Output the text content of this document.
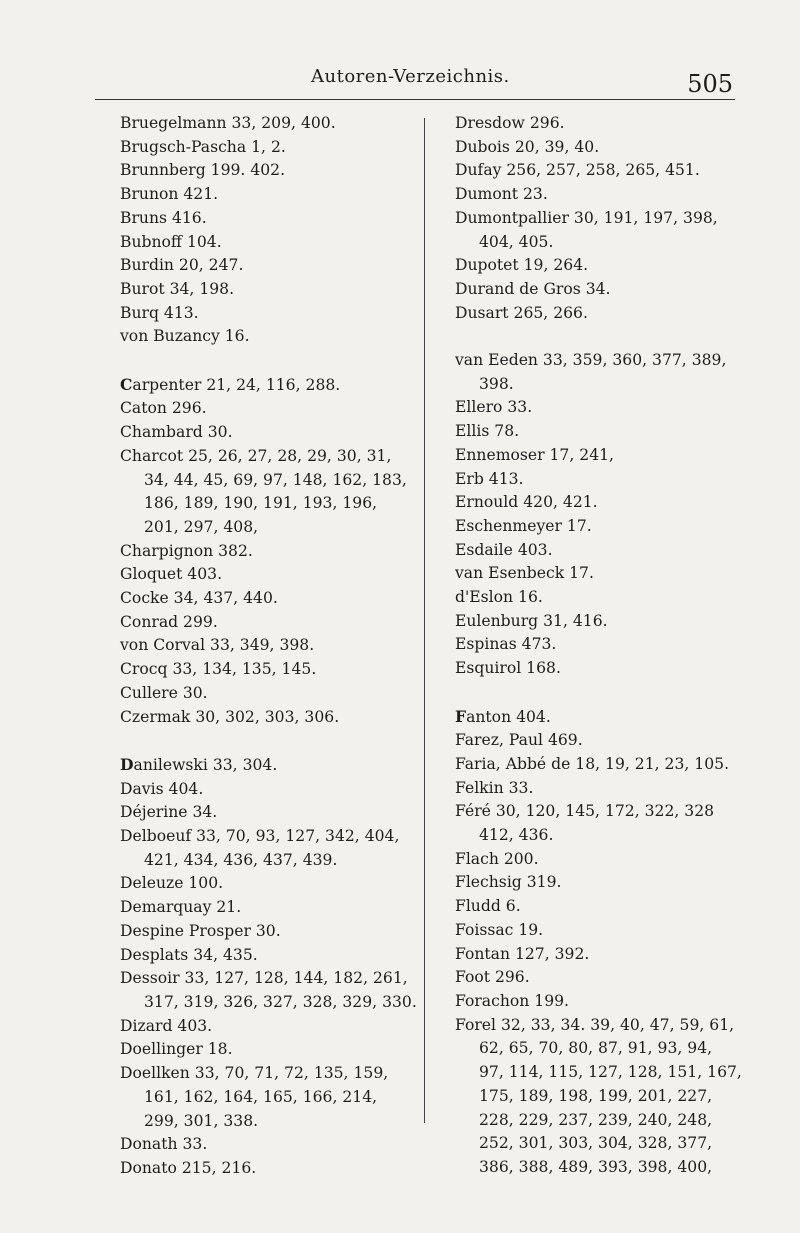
Autoren-Verzeichnis.	505
Bruegelmann 33, 209, 400.
Brugsch-Pascha 1, 2.
Brunnberg 199. 402.
Brunon 421.
Bruns 416.
Bubnoff 104.
Burdin 20, 247.
Burot 34, 198.
Burq 413.
von Buzancy 16.
Carpenter 21, 24, 116, 288.
Caton 296.
Chambard 30.
Charcot 25, 26, 27, 28, 29, 30, 31,
34, 44, 45, 69, 97, 148, 162, 183,
186, 189, 190, 191, 193, 196,
201, 297, 408,
Charpignon 382.
Gloquet 403.
Cocke 34, 437, 440.
Conrad 299.
von Corval 33, 349, 398.
Crocq 33, 134, 135, 145.
Cullere 30.
Czermak 30, 302, 303, 306.
Danilewski 33, 304.
Davis 404.
Déjerine 34.
Delboeuf 33, 70, 93, 127, 342, 404,
421, 434, 436, 437, 439.
Deleuze 100.
Demarquay 21.
Despine Prosper 30.
Desplats 34, 435.
Dessoir 33, 127, 128, 144, 182, 261,
317, 319, 326, 327, 328, 329, 330.
Dizard 403.
Doellinger 18.
Doellken 33, 70, 71, 72, 135, 159,
161, 162, 164, 165, 166, 214,
299, 301, 338.
Donath 33.
Donato 215, 216.
Dresdow 296.
Dubois 20, 39, 40.
Dufay 256, 257, 258, 265, 451.
Dumont 23.
Dumontpallier 30, 191, 197, 398,
404, 405.
Dupotet 19, 264.
Durand de Gros 34.
Dusart 265, 266.
van Eeden 33, 359, 360, 377, 389,
398.
Ellero 33.
Ellis 78.
Ennemoser 17, 241,
Erb 413.
Ernould 420, 421.
Eschenmeyer 17.
Esdaile 403.
van Esenbeck 17.
d'Eslon 16.
Eulenburg 31, 416.
Espinas 473.
Esquirol 168.
Fanton 404.
Farez, Paul 469.
Faria, Abbé de 18, 19, 21, 23, 105.
Felkin 33.
Féré 30, 120, 145, 172, 322, 328
412, 436.
Flach 200.
Flechsig 319.
Fludd 6.
Foissac 19.
Fontan 127, 392.
Foot 296.
Forachon 199.
Forel 32, 33, 34. 39, 40, 47, 59, 61,
62, 65, 70, 80, 87, 91, 93, 94,
97, 114, 115, 127, 128, 151, 167,
175, 189, 198, 199, 201, 227,
228, 229, 237, 239, 240, 248,
252, 301, 303, 304, 328, 377,
386, 388, 489, 393, 398, 400,
